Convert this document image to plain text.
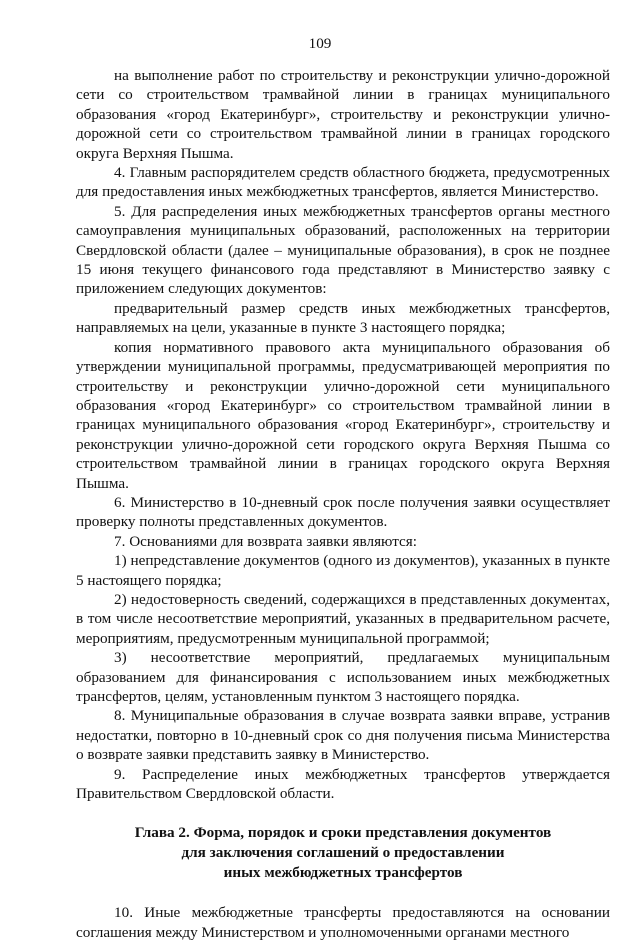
109

на выполнение работ по строительству и реконструкции улично-дорожной сети со строительством трамвайной линии в границах муниципального образования «город Екатеринбург», строительству и реконструкции улично-дорожной сети со строительством трамвайной линии в границах городского округа Верхняя Пышма.

4. Главным распорядителем средств областного бюджета, предусмотренных для предоставления иных межбюджетных трансфертов, является Министерство.

5. Для распределения иных межбюджетных трансфертов органы местного самоуправления муниципальных образований, расположенных на территории Свердловской области (далее – муниципальные образования), в срок не позднее 15 июня текущего финансового года представляют в Министерство заявку с приложением следующих документов:

предварительный размер средств иных межбюджетных трансфертов, направляемых на цели, указанные в пункте 3 настоящего порядка;

копия нормативного правового акта муниципального образования об утверждении муниципальной программы, предусматривающей мероприятия по строительству и реконструкции улично-дорожной сети муниципального образования «город Екатеринбург» со строительством трамвайной линии в границах муниципального образования «город Екатеринбург», строительству и реконструкции улично-дорожной сети городского округа Верхняя Пышма со строительством трамвайной линии в границах городского округа Верхняя Пышма.

6. Министерство в 10-дневный срок после получения заявки осуществляет проверку полноты представленных документов.

7. Основаниями для возврата заявки являются:

1) непредставление документов (одного из документов), указанных в пункте 5 настоящего порядка;

2) недостоверность сведений, содержащихся в представленных документах, в том числе несоответствие мероприятий, указанных в предварительном расчете, мероприятиям, предусмотренным муниципальной программой;

3) несоответствие мероприятий, предлагаемых муниципальным образованием для финансирования с использованием иных межбюджетных трансфертов, целям, установленным пунктом 3 настоящего порядка.

8. Муниципальные образования в случае возврата заявки вправе, устранив недостатки, повторно в 10-дневный срок со дня получения письма Министерства о возврате заявки представить заявку в Министерство.

9. Распределение иных межбюджетных трансфертов утверждается Правительством Свердловской области.

Глава 2. Форма, порядок и сроки представления документов
для заключения соглашений о предоставлении
иных межбюджетных трансфертов

10. Иные межбюджетные трансферты предоставляются на основании соглашения между Министерством и уполномоченными органами местного
